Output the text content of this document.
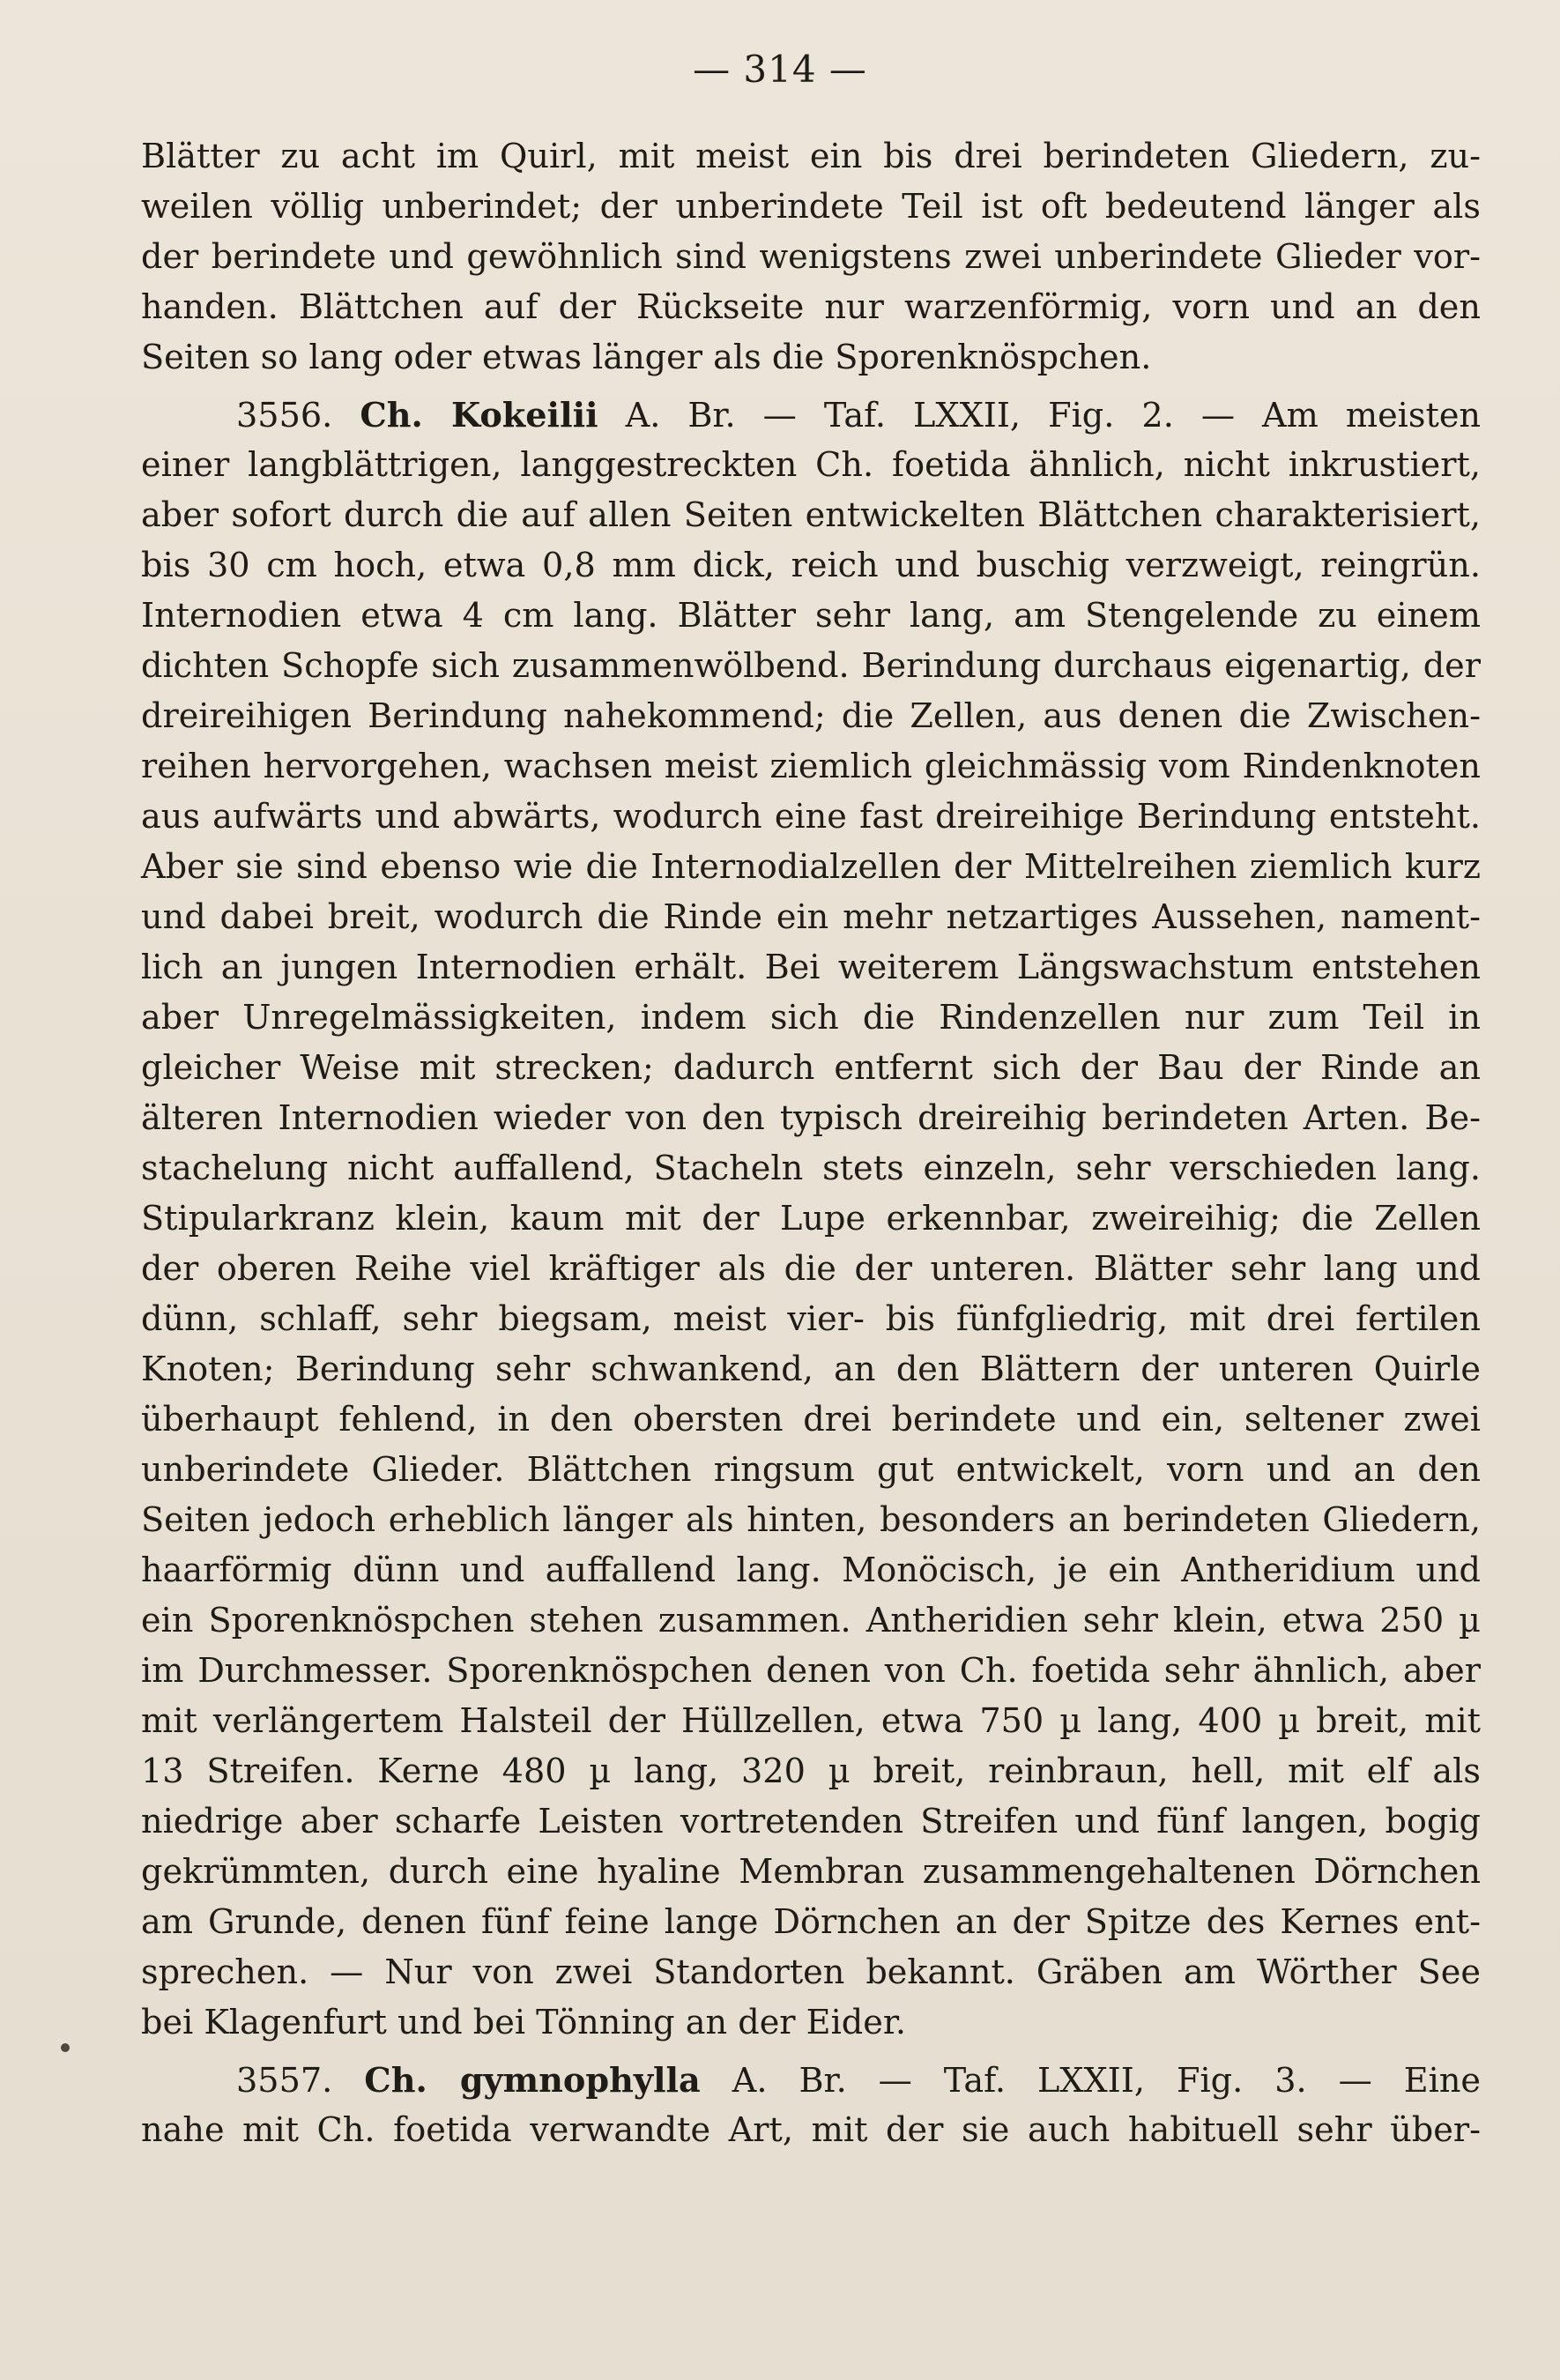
— 314 —
Blätter zu acht im Quirl, mit meist ein bis drei berindeten Gliedern, zu-
weilen völlig unberindet; der unberindete Teil ist oft bedeutend länger als
der berindete und gewöhnlich sind wenigstens zwei unberindete Glieder vor-
handen. Blättchen auf der Rückseite nur warzenförmig, vorn und an den
Seiten so lang oder etwas länger als die Sporenknöspchen.
3556. Ch. Kokeilii A. Br. — Taf. LXXII, Fig. 2. — Am meisten
einer langblättrigen, langgestreckten Ch. foetida ähnlich, nicht inkrustiert,
aber sofort durch die auf allen Seiten entwickelten Blättchen charakterisiert,
bis 30 cm hoch, etwa 0,8 mm dick, reich und buschig verzweigt, reingrün.
Internodien etwa 4 cm lang. Blätter sehr lang, am Stengelende zu einem
dichten Schopfe sich zusammenwölbend. Berindung durchaus eigenartig, der
dreireihigen Berindung nahekommend; die Zellen, aus denen die Zwischen-
reihen hervorgehen, wachsen meist ziemlich gleichmässig vom Rindenknoten
aus aufwärts und abwärts, wodurch eine fast dreireihige Berindung entsteht.
Aber sie sind ebenso wie die Internodialzellen der Mittelreihen ziemlich kurz
und dabei breit, wodurch die Rinde ein mehr netzartiges Aussehen, nament-
lich an jungen Internodien erhält. Bei weiterem Längswachstum entstehen
aber Unregelmässigkeiten, indem sich die Rindenzellen nur zum Teil in
gleicher Weise mit strecken; dadurch entfernt sich der Bau der Rinde an
älteren Internodien wieder von den typisch dreireihig berindeten Arten. Be-
stachelung nicht auffallend, Stacheln stets einzeln, sehr verschieden lang.
Stipularkranz klein, kaum mit der Lupe erkennbar, zweireihig; die Zellen
der oberen Reihe viel kräftiger als die der unteren. Blätter sehr lang und
dünn, schlaff, sehr biegsam, meist vier- bis fünfgliedrig, mit drei fertilen
Knoten; Berindung sehr schwankend, an den Blättern der unteren Quirle
überhaupt fehlend, in den obersten drei berindete und ein, seltener zwei
unberindete Glieder. Blättchen ringsum gut entwickelt, vorn und an den
Seiten jedoch erheblich länger als hinten, besonders an berindeten Gliedern,
haarförmig dünn und auffallend lang. Monöcisch, je ein Antheridium und
ein Sporenknöspchen stehen zusammen. Antheridien sehr klein, etwa 250 µ
im Durchmesser. Sporenknöspchen denen von Ch. foetida sehr ähnlich, aber
mit verlängertem Halsteil der Hüllzellen, etwa 750 µ lang, 400 µ breit, mit
13 Streifen. Kerne 480 µ lang, 320 µ breit, reinbraun, hell, mit elf als
niedrige aber scharfe Leisten vortretenden Streifen und fünf langen, bogig
gekrümmten, durch eine hyaline Membran zusammengehaltenen Dörnchen
am Grunde, denen fünf feine lange Dörnchen an der Spitze des Kernes ent-
sprechen. — Nur von zwei Standorten bekannt. Gräben am Wörther See
bei Klagenfurt und bei Tönning an der Eider.
3557. Ch. gymnophylla A. Br. — Taf. LXXII, Fig. 3. — Eine
nahe mit Ch. foetida verwandte Art, mit der sie auch habituell sehr über-
